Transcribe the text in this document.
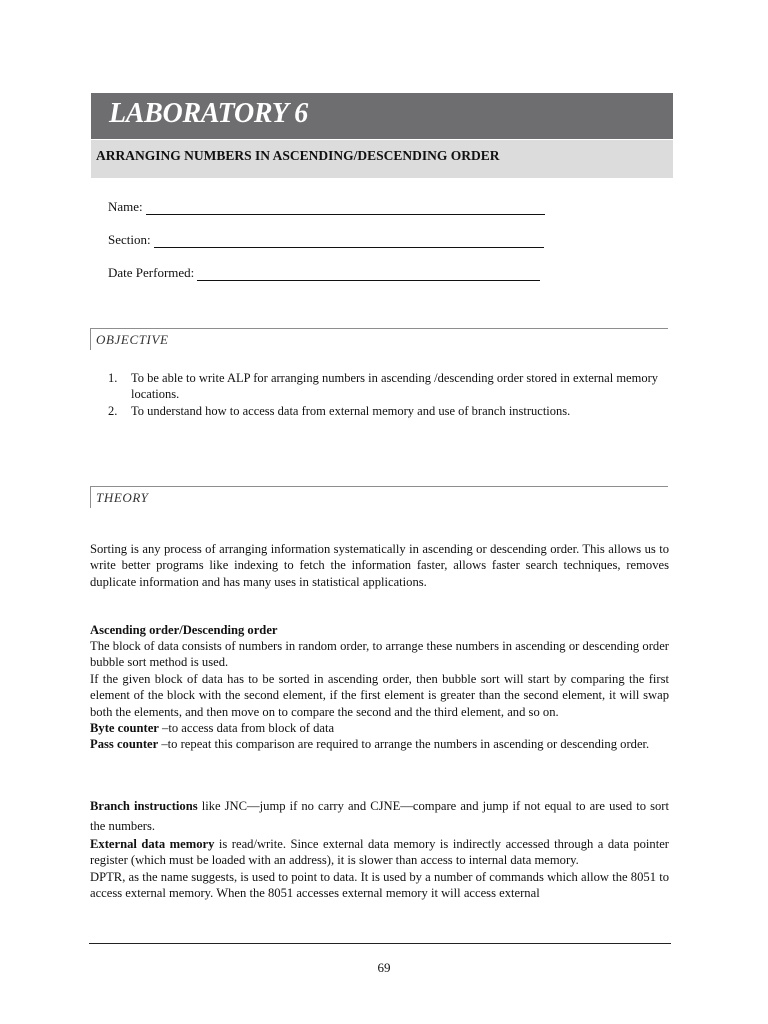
LABORATORY 6
ARRANGING NUMBERS IN ASCENDING/DESCENDING ORDER
Name:
Section:
Date Performed:
OBJECTIVE
1.	To be able to write ALP for arranging numbers in ascending /descending order stored in external memory locations.
2.	To understand how to access data from external memory and use of branch instructions.
THEORY

Sorting is any process of arranging information systematically in ascending or descending order. This allows us to write better programs like indexing to fetch the information faster, allows faster search techniques, removes duplicate information and has many uses in statistical applications.

Ascending order/Descending order

The block of data consists of numbers in random order, to arrange these numbers in ascending or descending order bubble sort method is used.
If the given block of data has to be sorted in ascending order, then bubble sort will start by comparing the first element of the block with the second element, if the first element is greater than the second element, it will swap both the elements, and then move on to compare the second and the third element, and so on.
Byte counter –to access data from block of data
Pass counter –to repeat this comparison are required to arrange the numbers in ascending or descending order.

Branch instructions like JNC—jump if no carry and CJNE—compare and jump if not equal to are used to sort the numbers.

External data memory is read/write. Since external data memory is indirectly accessed through a data pointer register (which must be loaded with an address), it is slower than access to internal data memory.
DPTR, as the name suggests, is used to point to data. It is used by a number of commands which allow the 8051 to access external memory. When the 8051 accesses external memory it will access external

69
